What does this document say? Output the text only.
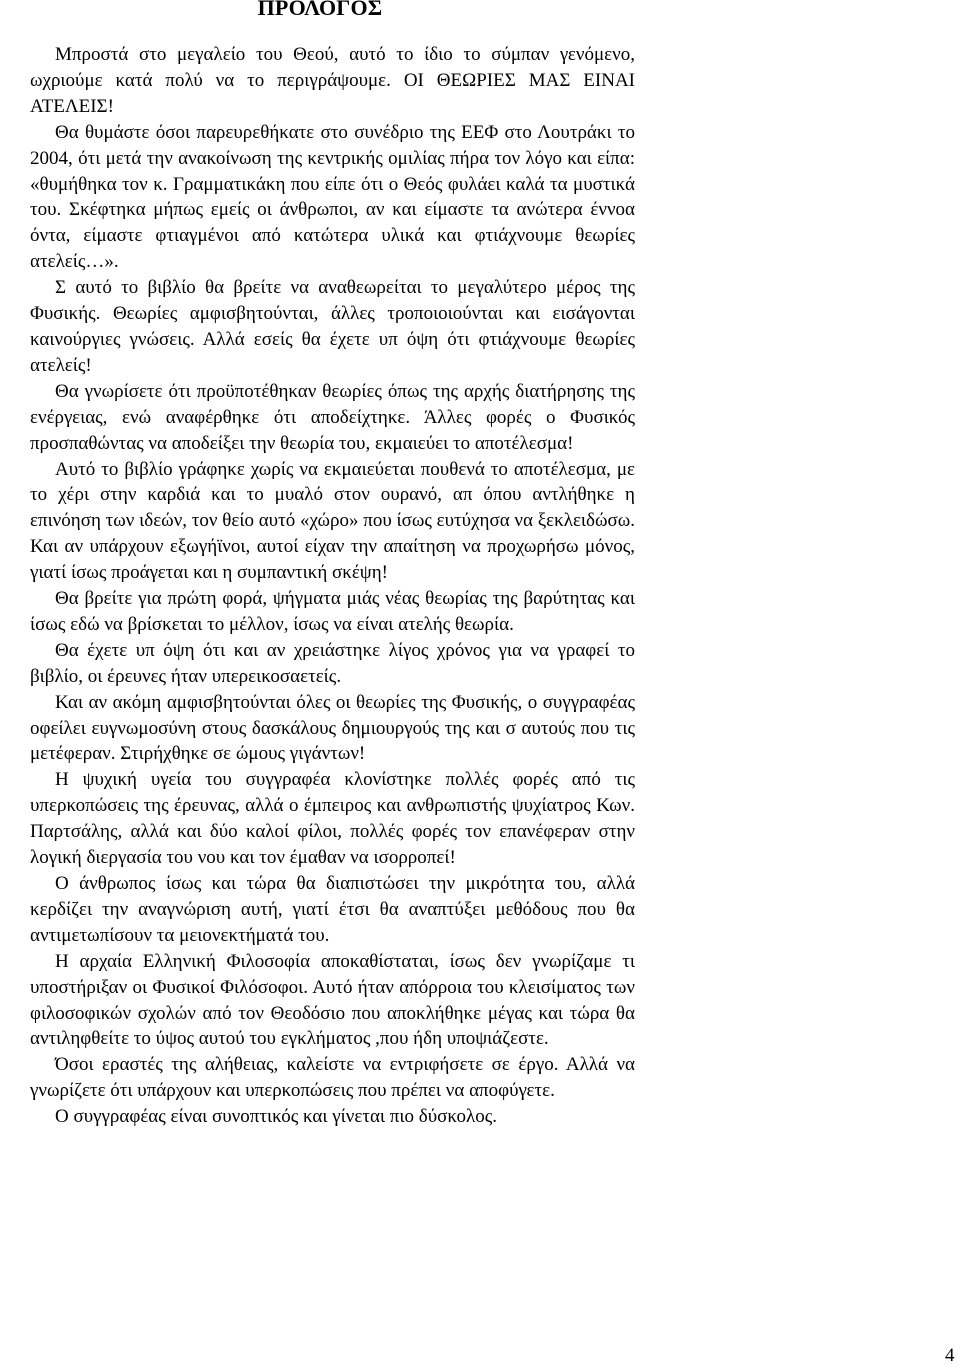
ΠΡΟΛΟΓΟΣ

Μπροστά στο μεγαλείο του Θεού, αυτό το ίδιο το σύμπαν γενόμενο, ωχριούμε κατά πολύ να το περιγράψουμε. ΟΙ ΘΕΩΡΙΕΣ ΜΑΣ ΕΙΝΑΙ ΑΤΕΛΕΙΣ!

Θα θυμάστε όσοι παρευρεθήκατε στο συνέδριο της ΕΕΦ στο Λουτράκι το 2004, ότι μετά την ανακοίνωση της κεντρικής ομιλίας πήρα τον λόγο και είπα: «θυμήθηκα τον κ. Γραμματικάκη που είπε ότι ο Θεός φυλάει καλά τα μυστικά του. Σκέφτηκα μήπως εμείς οι άνθρωποι, αν και είμαστε τα ανώτερα έννοα όντα, είμαστε φτιαγμένοι από κατώτερα υλικά και φτιάχνουμε θεωρίες ατελείς…».

Σ αυτό το βιβλίο θα βρείτε να αναθεωρείται το μεγαλύτερο μέρος της Φυσικής. Θεωρίες αμφισβητούνται, άλλες τροποιοιούνται και εισάγονται καινούργιες γνώσεις. Αλλά εσείς θα έχετε υπ όψη ότι φτιάχνουμε θεωρίες ατελείς!

Θα γνωρίσετε ότι προϋποτέθηκαν θεωρίες όπως της αρχής διατήρησης της ενέργειας, ενώ αναφέρθηκε ότι αποδείχτηκε. Άλλες φορές ο Φυσικός προσπαθώντας να αποδείξει την θεωρία του, εκμαιεύει το αποτέλεσμα!

Αυτό το βιβλίο γράφηκε χωρίς να εκμαιεύεται πουθενά το αποτέλεσμα, με το χέρι στην καρδιά και το μυαλό στον ουρανό, απ όπου αντλήθηκε η επινόηση των ιδεών, τον θείο αυτό «χώρο» που ίσως ευτύχησα να ξεκλειδώσω. Και αν υπάρχουν εξωγήϊνοι, αυτοί είχαν την απαίτηση να προχωρήσω μόνος, γιατί ίσως προάγεται και η συμπαντική σκέψη!

Θα βρείτε για πρώτη φορά, ψήγματα μιάς νέας θεωρίας της βαρύτητας και ίσως εδώ να βρίσκεται το μέλλον, ίσως να είναι ατελής θεωρία.

Θα έχετε υπ όψη ότι και αν χρειάστηκε λίγος χρόνος για να γραφεί το βιβλίο, οι έρευνες ήταν υπερεικοσαετείς.

Και αν ακόμη αμφισβητούνται όλες οι θεωρίες της Φυσικής, ο συγγραφέας οφείλει ευγνωμοσύνη στους δασκάλους δημιουργούς της και σ αυτούς που τις μετέφεραν. Στιρήχθηκε σε ώμους γιγάντων!

Η ψυχική υγεία του συγγραφέα κλονίστηκε πολλές φορές από τις υπερκοπώσεις της έρευνας, αλλά ο έμπειρος και ανθρωπιστής ψυχίατρος Κων. Παρτσάλης, αλλά και δύο καλοί φίλοι, πολλές φορές τον επανέφεραν στην λογική διεργασία του νου και τον έμαθαν να ισορροπεί!

Ο άνθρωπος ίσως και τώρα θα διαπιστώσει την μικρότητα του, αλλά κερδίζει την αναγνώριση αυτή, γιατί έτσι θα αναπτύξει μεθόδους που θα αντιμετωπίσουν τα μειονεκτήματά του.

Η αρχαία Ελληνική Φιλοσοφία αποκαθίσταται, ίσως δεν γνωρίζαμε τι υποστήριξαν οι Φυσικοί Φιλόσοφοι. Αυτό ήταν απόρροια του κλεισίματος των φιλοσοφικών σχολών από τον Θεοδόσιο που αποκλήθηκε μέγας και τώρα θα αντιληφθείτε το ύψος αυτού του εγκλήματος ,που ήδη υποψιάζεστε.

Όσοι εραστές της αλήθειας, καλείστε να εντριφήσετε σε έργο. Αλλά να γνωρίζετε ότι υπάρχουν και υπερκοπώσεις που πρέπει να αποφύγετε.

Ο συγγραφέας είναι συνοπτικός και γίνεται πιο δύσκολος.

4
